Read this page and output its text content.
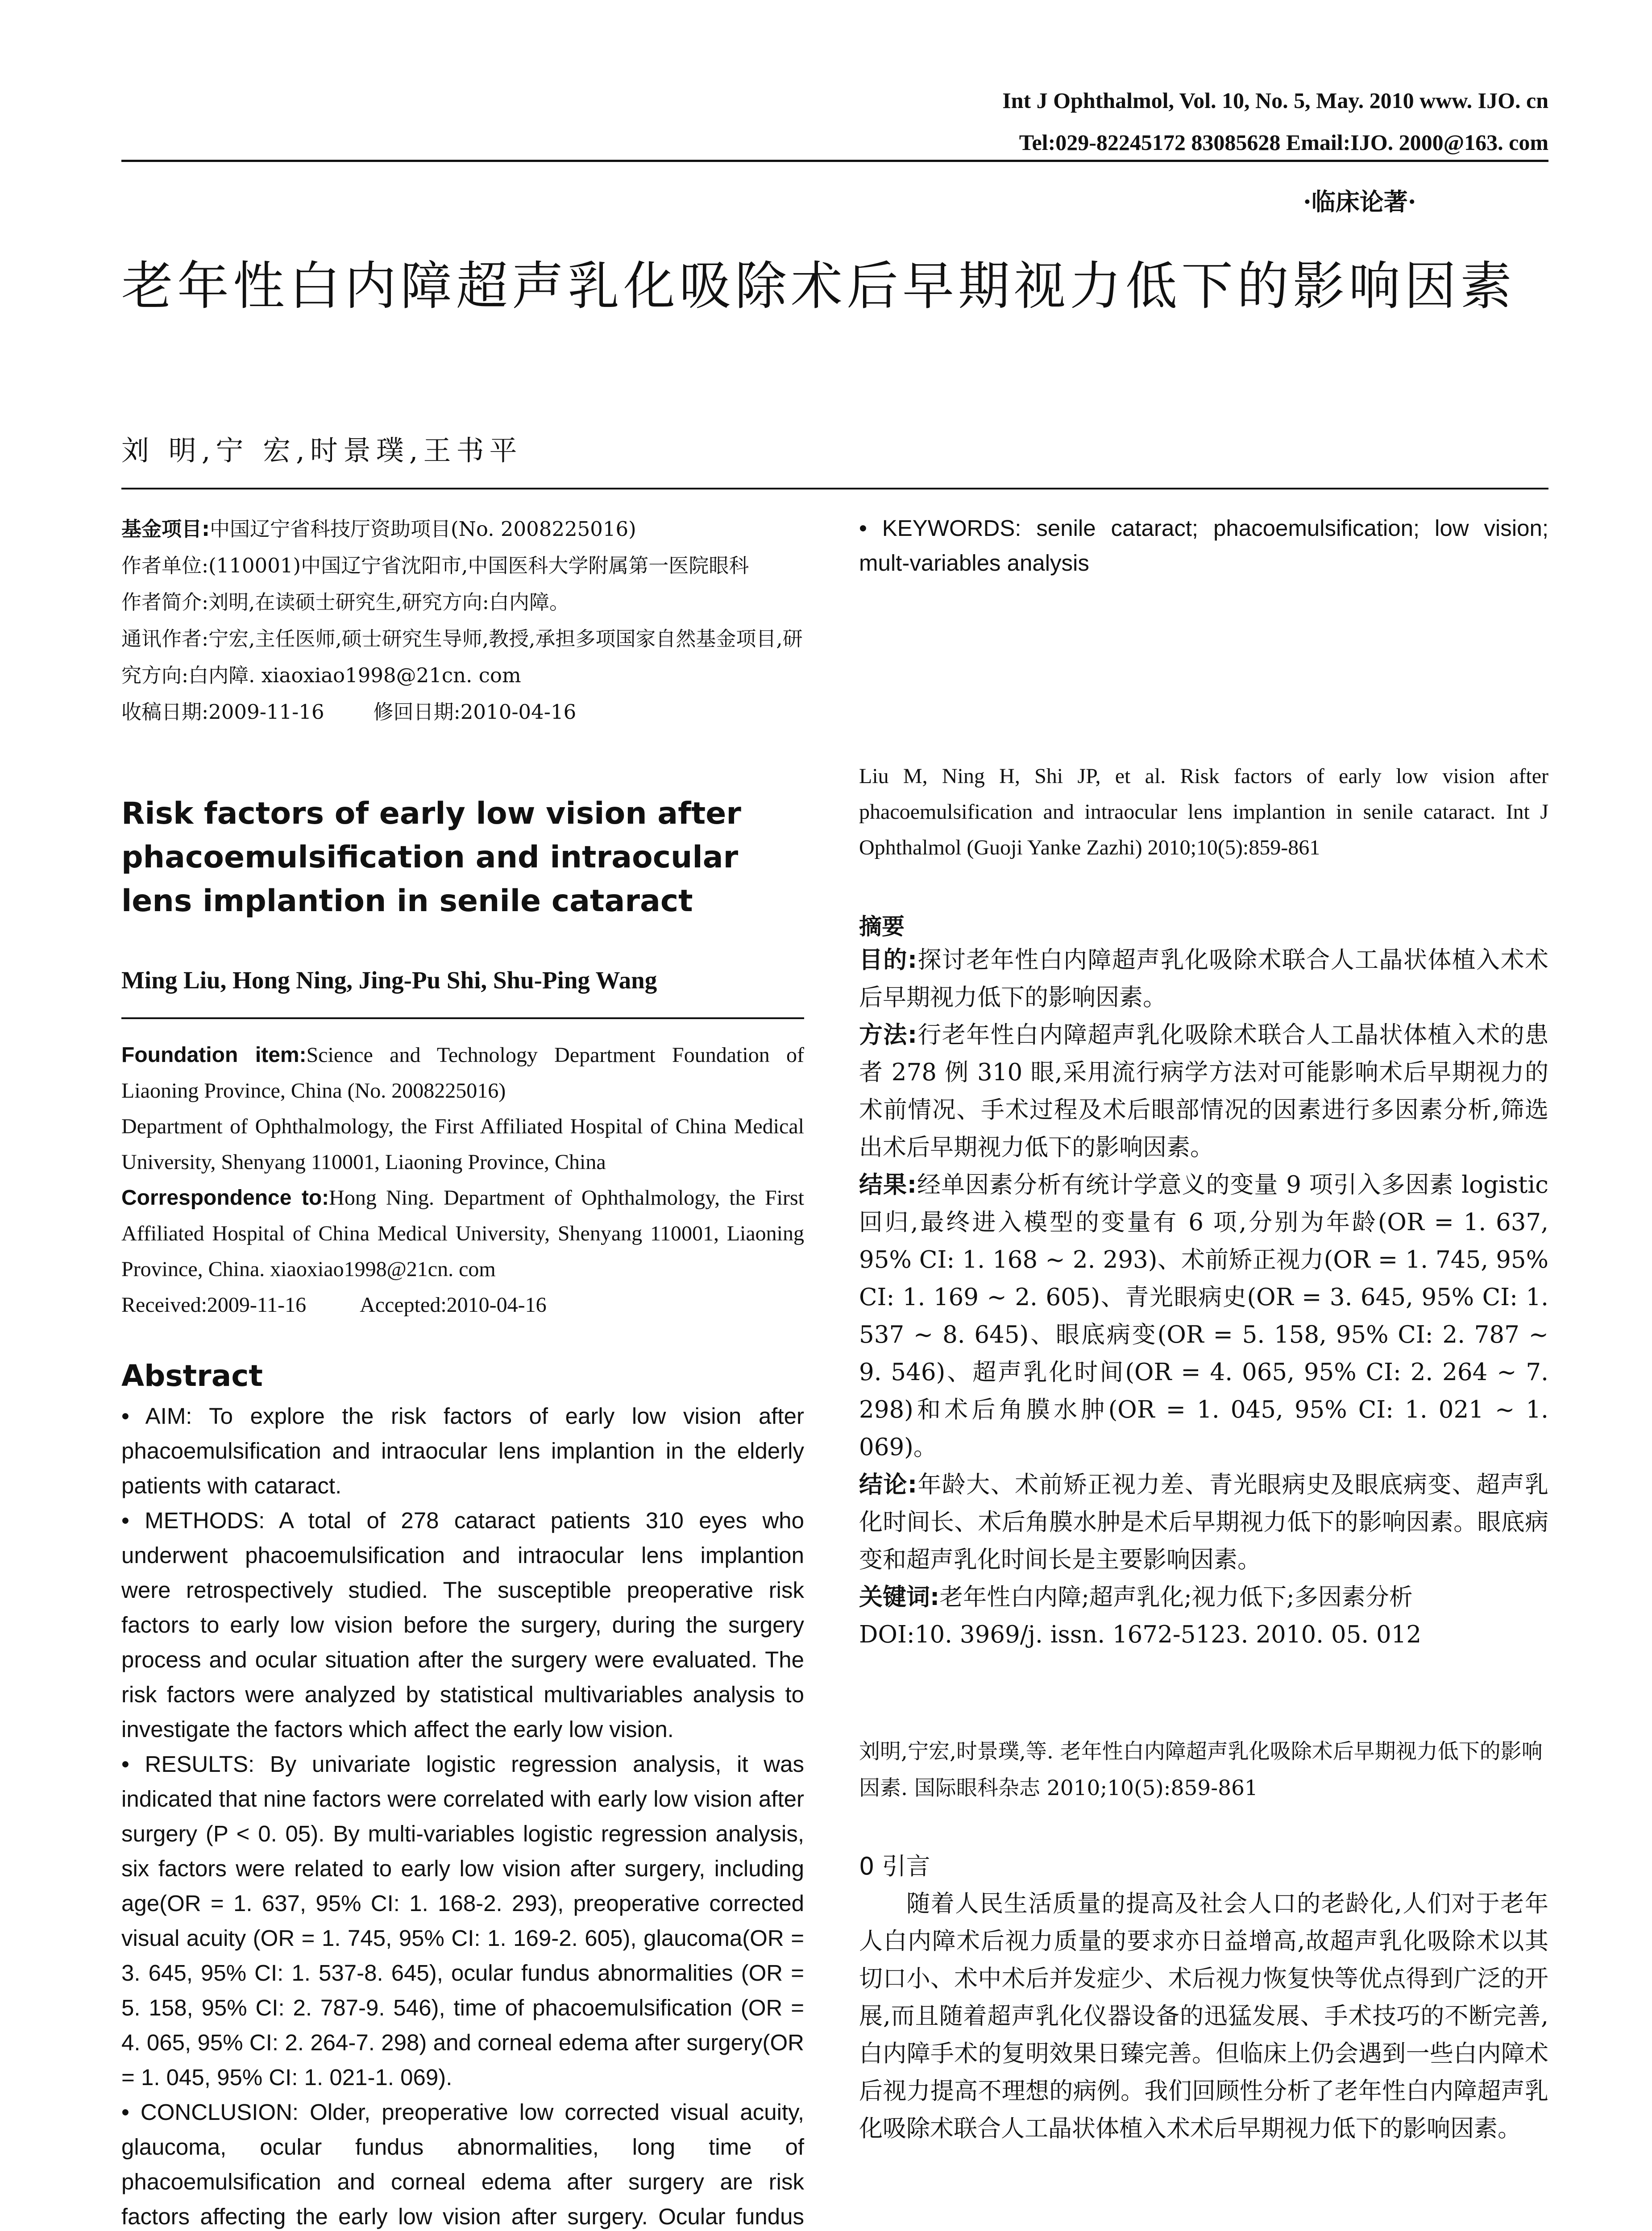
Int J Ophthalmol, Vol. 10, No. 5, May. 2010 www. IJO. cn
Tel:029-82245172 83085628 Email:IJO. 2000@163. com
·临床论著·
老年性白内障超声乳化吸除术后早期视力低下的影响因素
刘 明,宁 宏,时景璞,王书平
基金项目:中国辽宁省科技厅资助项目(No. 2008225016)
作者单位:(110001)中国辽宁省沈阳市,中国医科大学附属第一医院眼科
作者简介:刘明,在读硕士研究生,研究方向:白内障。
通讯作者:宁宏,主任医师,硕士研究生导师,教授,承担多项国家自然基金项目,研究方向:白内障. xiaoxiao1998@21cn. com
收稿日期:2009-11-16 修回日期:2010-04-16
Risk factors of early low vision after phacoemulsification and intraocular lens implantion in senile cataract
Ming Liu, Hong Ning, Jing-Pu Shi, Shu-Ping Wang
Foundation item:Science and Technology Department Foundation of Liaoning Province, China (No. 2008225016)
Department of Ophthalmology, the First Affiliated Hospital of China Medical University, Shenyang 110001, Liaoning Province, China
Correspondence to:Hong Ning. Department of Ophthalmology, the First Affiliated Hospital of China Medical University, Shenyang 110001, Liaoning Province, China. xiaoxiao1998@21cn. com
Received:2009-11-16	Accepted:2010-04-16
Abstract

• AIM: To explore the risk factors of early low vision after phacoemulsification and intraocular lens implantion in the elderly patients with cataract.

• METHODS: A total of 278 cataract patients 310 eyes who underwent phacoemulsification and intraocular lens implantion were retrospectively studied. The susceptible preoperative risk factors to early low vision before the surgery, during the surgery process and ocular situation after the surgery were evaluated. The risk factors were analyzed by statistical multivariables analysis to investigate the factors which affect the early low vision.

• RESULTS: By univariate logistic regression analysis, it was indicated that nine factors were correlated with early low vision after surgery (P < 0. 05). By multi-variables logistic regression analysis, six factors were related to early low vision after surgery, including age(OR = 1. 637, 95% CI: 1. 168-2. 293), preoperative corrected visual acuity (OR = 1. 745, 95% CI: 1. 169-2. 605), glaucoma(OR = 3. 645, 95% CI: 1. 537-8. 645), ocular fundus abnormalities (OR = 5. 158, 95% CI: 2. 787-9. 546), time of phacoemulsification (OR = 4. 065, 95% CI: 2. 264-7. 298) and corneal edema after surgery(OR = 1. 045, 95% CI: 1. 021-1. 069).

• CONCLUSION: Older, preoperative low corrected visual acuity, glaucoma, ocular fundus abnormalities, long time of phacoemulsification and corneal edema after surgery are risk factors affecting the early low vision after surgery. Ocular fundus

• KEYWORDS: senile cataract; phacoemulsification; low vision; mult-variables analysis

Liu M, Ning H, Shi JP, et al. Risk factors of early low vision after phacoemulsification and intraocular lens implantion in senile cataract. Int J Ophthalmol (Guoji Yanke Zazhi) 2010;10(5):859-861
摘要

目的:探讨老年性白内障超声乳化吸除术联合人工晶状体植入术术后早期视力低下的影响因素。

方法:行老年性白内障超声乳化吸除术联合人工晶状体植入术的患者 278 例 310 眼,采用流行病学方法对可能影响术后早期视力的术前情况、手术过程及术后眼部情况的因素进行多因素分析,筛选出术后早期视力低下的影响因素。

结果:经单因素分析有统计学意义的变量 9 项引入多因素 logistic 回归,最终进入模型的变量有 6 项,分别为年龄(OR = 1. 637, 95% CI: 1. 168 ~ 2. 293)、术前矫正视力(OR = 1. 745, 95% CI: 1. 169 ~ 2. 605)、青光眼病史(OR = 3. 645, 95% CI: 1. 537 ~ 8. 645)、眼底病变(OR = 5. 158, 95% CI: 2. 787 ~ 9. 546)、超声乳化时间(OR = 4. 065, 95% CI: 2. 264 ~ 7. 298)和术后角膜水肿(OR = 1. 045, 95% CI: 1. 021 ~ 1. 069)。

结论:年龄大、术前矫正视力差、青光眼病史及眼底病变、超声乳化时间长、术后角膜水肿是术后早期视力低下的影响因素。眼底病变和超声乳化时间长是主要影响因素。

关键词:老年性白内障;超声乳化;视力低下;多因素分析

DOI:10. 3969/j. issn. 1672-5123. 2010. 05. 012

刘明,宁宏,时景璞,等. 老年性白内障超声乳化吸除术后早期视力低下的影响因素. 国际眼科杂志 2010;10(5):859-861
0 引言
随着人民生活质量的提高及社会人口的老龄化,人们对于老年人白内障术后视力质量的要求亦日益增高,故超声乳化吸除术以其切口小、术中术后并发症少、术后视力恢复快等优点得到广泛的开展,而且随着超声乳化仪器设备的迅猛发展、手术技巧的不断完善,白内障手术的复明效果日臻完善。但临床上仍会遇到一些白内障术后视力提高不理想的病例。我们回顾性分析了老年性白内障超声乳化吸除术联合人工晶状体植入术术后早期视力低下的影响因素。
